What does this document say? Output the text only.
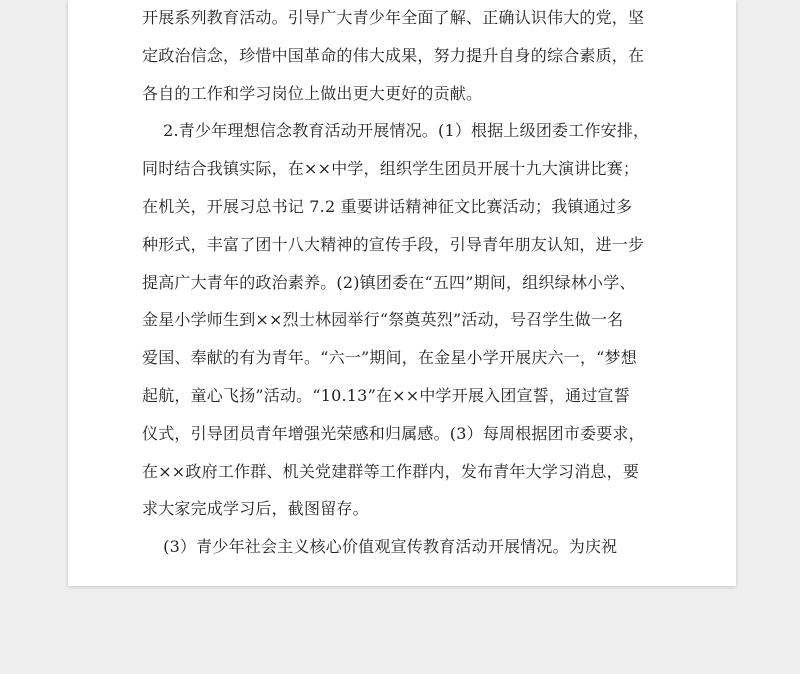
开展系列教育活动。引导广大青少年全面了解、正确认识伟大的党，坚
定政治信念，珍惜中国革命的伟大成果，努力提升自身的综合素质，在
各自的工作和学习岗位上做出更大更好的贡献。
2.青少年理想信念教育活动开展情况。(1）根据上级团委工作安排，
同时结合我镇实际，在××中学，组织学生团员开展十九大演讲比赛；
在机关，开展习总书记 7.2 重要讲话精神征文比赛活动；我镇通过多
种形式，丰富了团十八大精神的宣传手段，引导青年朋友认知，进一步
提高广大青年的政治素养。(2)镇团委在“五四”期间，组织绿林小学、
金星小学师生到××烈士林园举行“祭奠英烈”活动，号召学生做一名
爱国、奉献的有为青年。“六一”期间，在金星小学开展庆六一，“梦想
起航，童心飞扬”活动。“10.13”在××中学开展入团宣誓，通过宣誓
仪式，引导团员青年增强光荣感和归属感。(3）每周根据团市委要求，
在××政府工作群、机关党建群等工作群内，发布青年大学习消息，要
求大家完成学习后，截图留存。
(3）青少年社会主义核心价值观宣传教育活动开展情况。为庆祝
